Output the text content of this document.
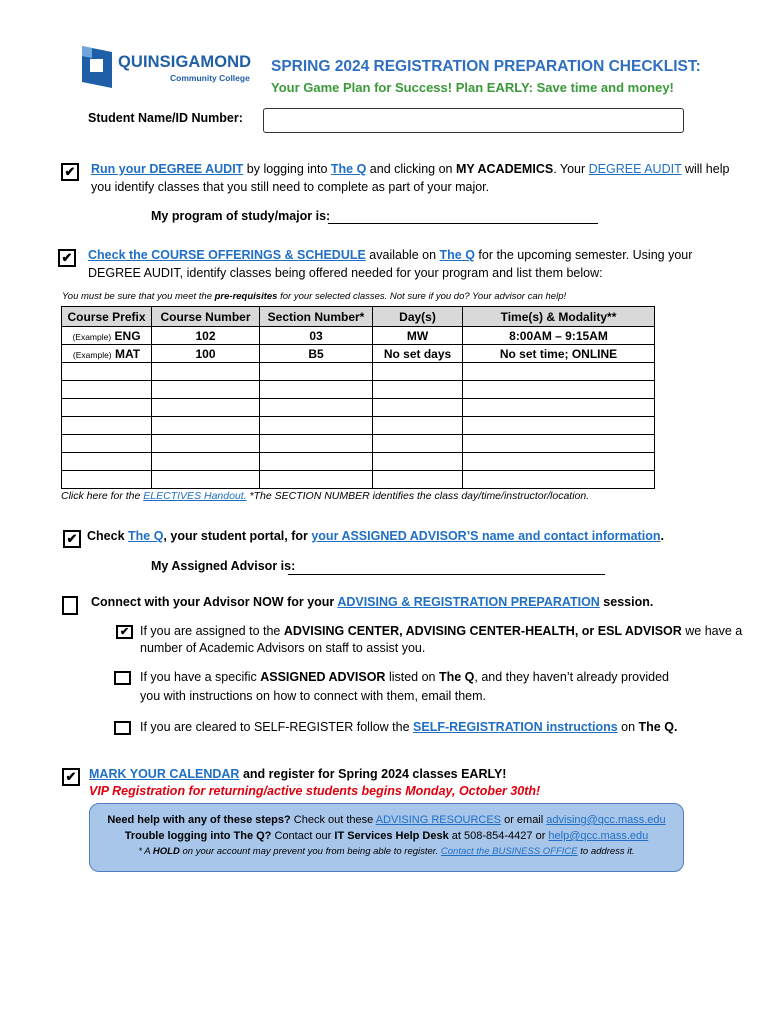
QUINSIGAMOND
Community College
SPRING 2024 REGISTRATION PREPARATION CHECKLIST:
Your Game Plan for Success! Plan EARLY: Save time and money!
Student Name/ID Number:
✔ Run your DEGREE AUDIT by logging into The Q and clicking on MY ACADEMICS. Your DEGREE AUDIT will help
you identify classes that you still need to complete as part of your major.
My program of study/major is:
✔ Check the COURSE OFFERINGS & SCHEDULE available on The Q for the upcoming semester. Using your
DEGREE AUDIT, identify classes being offered needed for your program and list them below:
You must be sure that you meet the pre-requisites for your selected classes. Not sure if you do? Your advisor can help!
Course Prefix	Course Number	Section Number*	Day(s)	Time(s) & Modality**
(Example) ENG	102	03	MW	8:00AM – 9:15AM
(Example) MAT	100	B5	No set days	No set time; ONLINE

Click here for the ELECTIVES Handout. *The SECTION NUMBER identifies the class day/time/instructor/location.
✔ Check The Q, your student portal, for your ASSIGNED ADVISOR’S name and contact information.
My Assigned Advisor is:
Connect with your Advisor NOW for your ADVISING & REGISTRATION PREPARATION session.
✔ If you are assigned to the ADVISING CENTER, ADVISING CENTER-HEALTH, or ESL ADVISOR we have a
number of Academic Advisors on staff to assist you.
If you have a specific ASSIGNED ADVISOR listed on The Q, and they haven’t already provided
you with instructions on how to connect with them, email them.
If you are cleared to SELF-REGISTER follow the SELF-REGISTRATION instructions on The Q.
✔ MARK YOUR CALENDAR and register for Spring 2024 classes EARLY!
VIP Registration for returning/active students begins Monday, October 30th!
Need help with any of these steps? Check out these ADVISING RESOURCES or email advising@qcc.mass.edu
Trouble logging into The Q? Contact our IT Services Help Desk at 508-854-4427 or help@qcc.mass.edu
* A HOLD on your account may prevent you from being able to register. Contact the BUSINESS OFFICE to address it.
